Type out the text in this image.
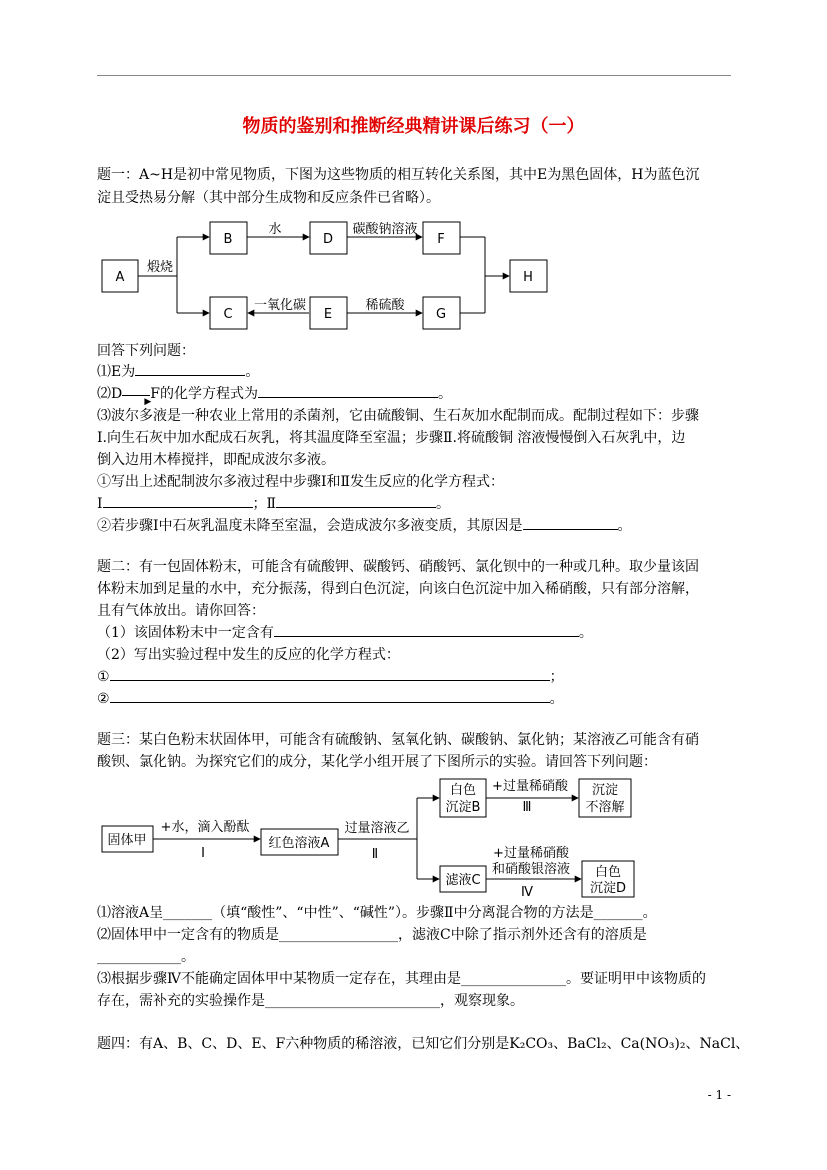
物质的鉴别和推断经典精讲课后练习（一）
题一：A~H是初中常见物质，下图为这些物质的相互转化关系图，其中E为黑色固体，H为蓝色沉
淀且受热易分解（其中部分生成物和反应条件已省略）。
A
B	D	F
C	E	G
H
煅烧
水	碳酸钠溶液
一氧化碳	稀硫酸
回答下列问题：
⑴E为	。
⑵D ▶ F的化学方程式为	。
⑶波尔多液是一种农业上常用的杀菌剂，它由硫酸铜、生石灰加水配制而成。配制过程如下：步骤
Ⅰ.向生石灰中加水配成石灰乳，将其温度降至室温；步骤Ⅱ.将硫酸铜 溶液慢慢倒入石灰乳中，边
倒入边用木棒搅拌，即配成波尔多液。
①写出上述配制波尔多液过程中步骤Ⅰ和Ⅱ发生反应的化学方程式：
Ⅰ	；Ⅱ	。
②若步骤Ⅰ中石灰乳温度未降至室温，会造成波尔多液变质，其原因是	。
题二：有一包固体粉末，可能含有硫酸钾、碳酸钙、硝酸钙、氯化钡中的一种或几种。取少量该固
体粉末加到足量的水中，充分振荡，得到白色沉淀，向该白色沉淀中加入稀硝酸，只有部分溶解，
且有气体放出。请你回答：
（1）该固体粉末中一定含有	。
（2）写出实验过程中发生的反应的化学方程式：
①	；
②	。
题三：某白色粉末状固体甲，可能含有硫酸钠、氢氧化钠、碳酸钠、氯化钠；某溶液乙可能含有硝
酸钡、氯化钠。为探究它们的成分，某化学小组开展了下图所示的实验。请回答下列问题：
固体甲
+水，滴入酚酞
Ⅰ
红色溶液A
过量溶液乙
Ⅱ
白色
沉淀B
+过量稀硝酸
Ⅲ
沉淀
不溶解
滤液C
+过量稀硝酸
和硝酸银溶液
Ⅳ
白色
沉淀D
⑴溶液A呈_______（填“酸性”、“中性”、“碱性”）。步骤Ⅱ中分离混合物的方法是_______。
⑵固体甲中一定含有的物质是_________________，滤液C中除了指示剂外还含有的溶质是
____________。
⑶根据步骤Ⅳ不能确定固体甲中某物质一定存在，其理由是_______________。要证明甲中该物质的
存在，需补充的实验操作是_________________________，观察现象。
题四：有A、B、C、D、E、F六种物质的稀溶液，已知它们分别是K₂CO₃、BaCl₂、Ca(NO₃)₂、NaCl、
- 1 -
